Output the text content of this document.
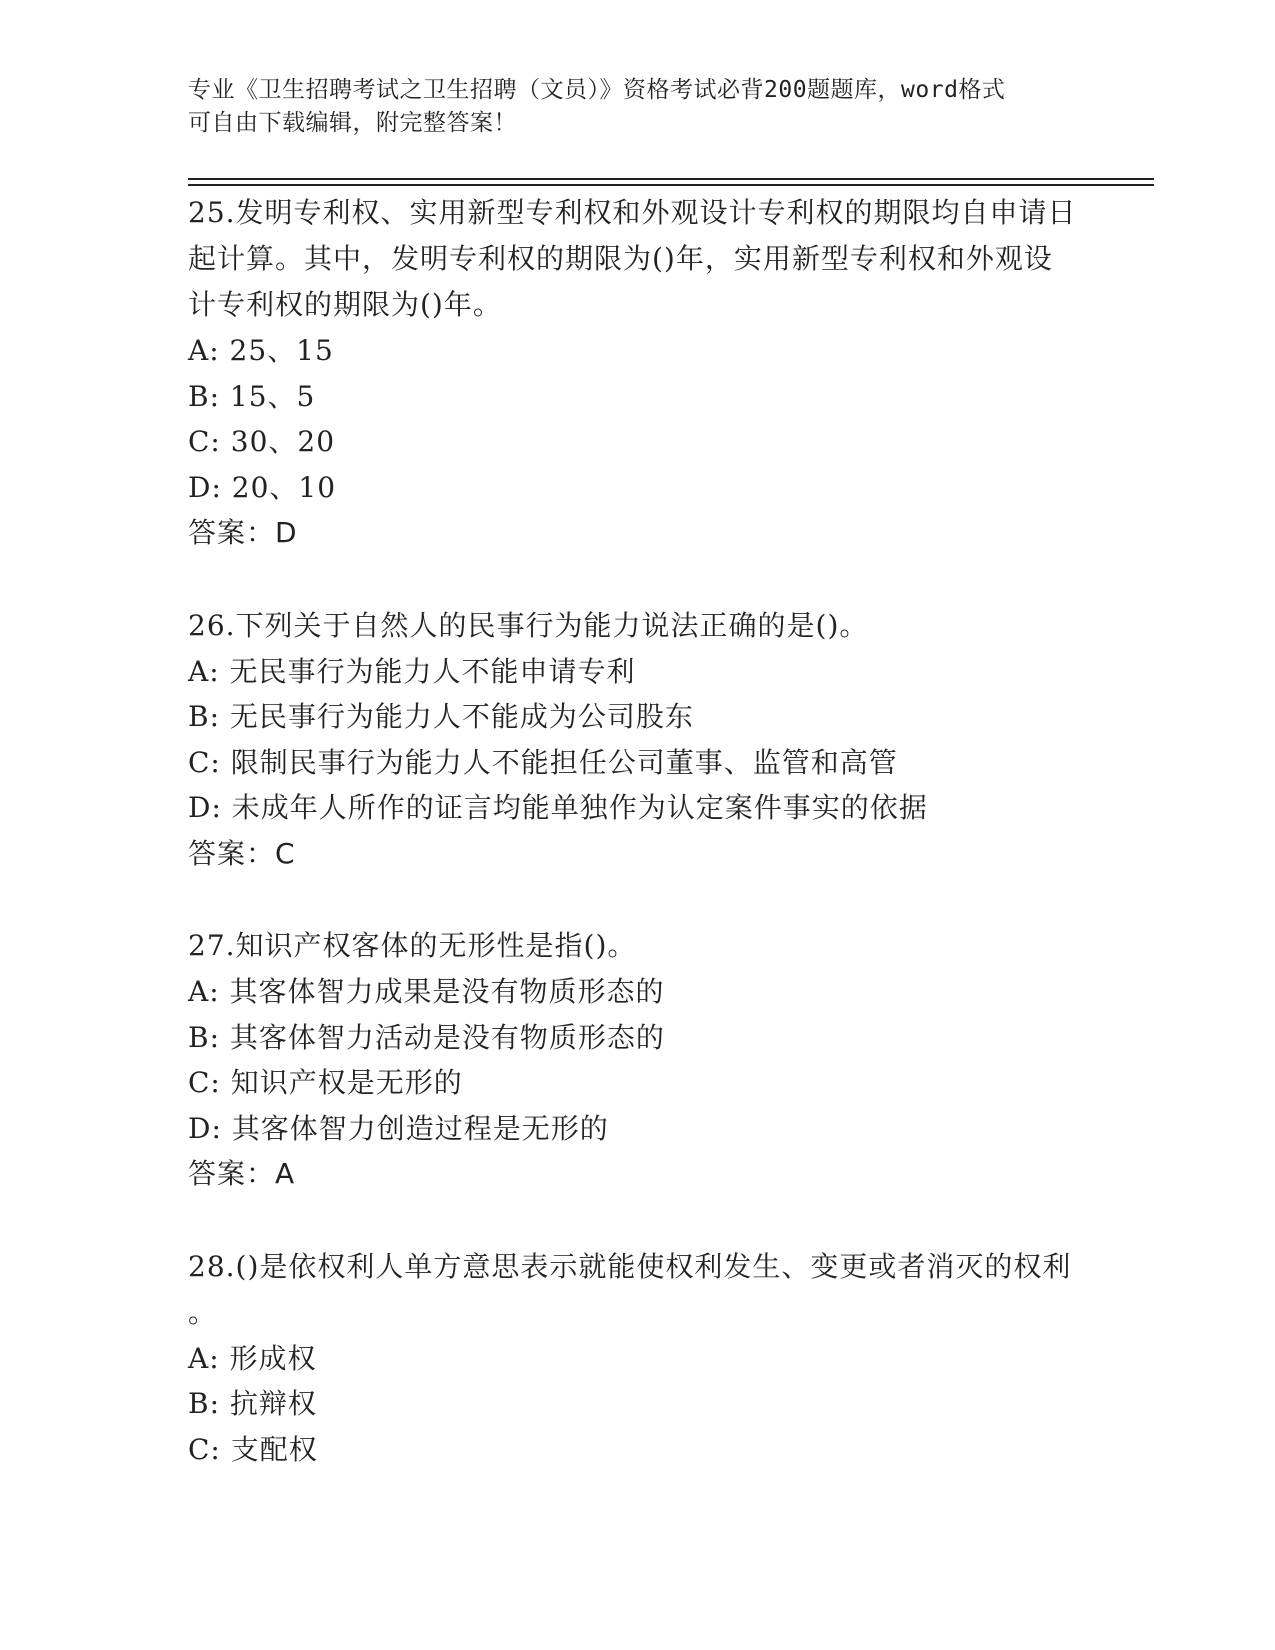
专业《卫生招聘考试之卫生招聘（文员）》资格考试必背200题题库，word格式
可自由下载编辑，附完整答案！

25.发明专利权、实用新型专利权和外观设计专利权的期限均自申请日

起计算。其中，发明专利权的期限为()年，实用新型专利权和外观设

计专利权的期限为()年。

A: 25、15

B: 15、5

C: 30、20

D: 20、10

答案：D

26.下列关于自然人的民事行为能力说法正确的是()。

A: 无民事行为能力人不能申请专利

B: 无民事行为能力人不能成为公司股东

C: 限制民事行为能力人不能担任公司董事、监管和高管

D: 未成年人所作的证言均能单独作为认定案件事实的依据

答案：C

27.知识产权客体的无形性是指()。

A: 其客体智力成果是没有物质形态的

B: 其客体智力活动是没有物质形态的

C: 知识产权是无形的

D: 其客体智力创造过程是无形的

答案：A

28.()是依权利人单方意思表示就能使权利发生、变更或者消灭的权利

。

A: 形成权

B: 抗辩权

C: 支配权
